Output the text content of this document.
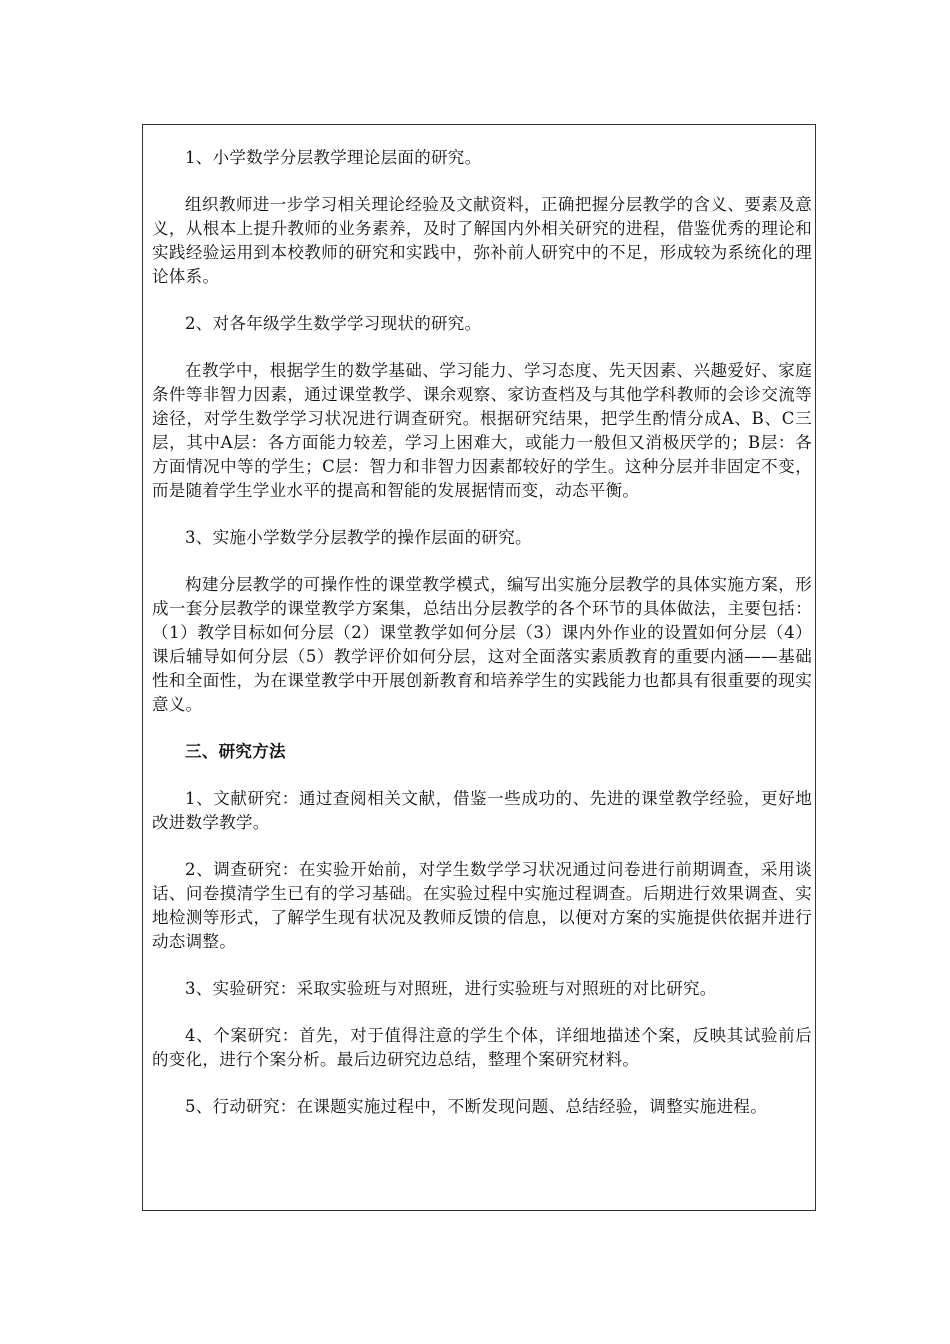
1、小学数学分层教学理论层面的研究。

组织教师进一步学习相关理论经验及文献资料，正确把握分层教学的含义、要素及意义，从根本上提升教师的业务素养，及时了解国内外相关研究的进程，借鉴优秀的理论和实践经验运用到本校教师的研究和实践中，弥补前人研究中的不足，形成较为系统化的理论体系。

2、对各年级学生数学学习现状的研究。

在教学中，根据学生的数学基础、学习能力、学习态度、先天因素、兴趣爱好、家庭条件等非智力因素，通过课堂教学、课余观察、家访查档及与其他学科教师的会诊交流等途径，对学生数学学习状况进行调查研究。根据研究结果，把学生酌情分成A、B、C三层，其中A层：各方面能力较差，学习上困难大，或能力一般但又消极厌学的；B层：各方面情况中等的学生；C层：智力和非智力因素都较好的学生。这种分层并非固定不变，而是随着学生学业水平的提高和智能的发展据情而变，动态平衡。

3、实施小学数学分层教学的操作层面的研究。

构建分层教学的可操作性的课堂教学模式，编写出实施分层教学的具体实施方案，形成一套分层教学的课堂教学方案集，总结出分层教学的各个环节的具体做法，主要包括：（1）教学目标如何分层（2）课堂教学如何分层（3）课内外作业的设置如何分层（4）课后辅导如何分层（5）教学评价如何分层，这对全面落实素质教育的重要内涵——基础性和全面性，为在课堂教学中开展创新教育和培养学生的实践能力也都具有很重要的现实意义。

三、研究方法

1、文献研究：通过查阅相关文献，借鉴一些成功的、先进的课堂教学经验，更好地改进数学教学。

2、调查研究：在实验开始前，对学生数学学习状况通过问卷进行前期调查，采用谈话、问卷摸清学生已有的学习基础。在实验过程中实施过程调查。后期进行效果调查、实地检测等形式，了解学生现有状况及教师反馈的信息，以便对方案的实施提供依据并进行动态调整。

3、实验研究：采取实验班与对照班，进行实验班与对照班的对比研究。

4、个案研究：首先，对于值得注意的学生个体，详细地描述个案，反映其试验前后的变化，进行个案分析。最后边研究边总结，整理个案研究材料。

5、行动研究：在课题实施过程中，不断发现问题、总结经验，调整实施进程。
